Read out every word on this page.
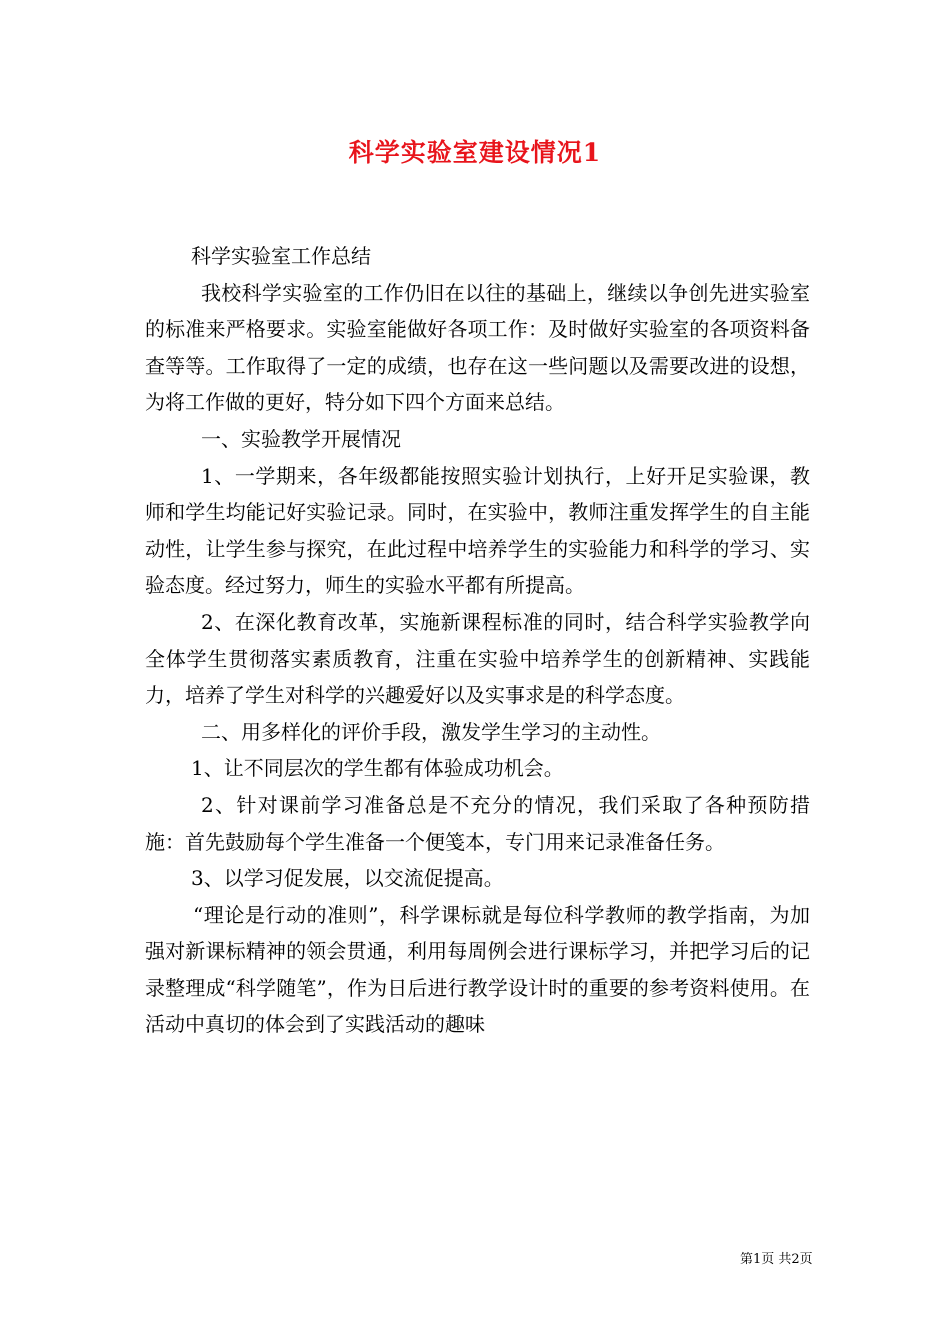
科学实验室建设情况1

科学实验室工作总结

我校科学实验室的工作仍旧在以往的基础上，继续以争创先进实验室的标准来严格要求。实验室能做好各项工作：及时做好实验室的各项资料备查等等。工作取得了一定的成绩，也存在这一些问题以及需要改进的设想，为将工作做的更好，特分如下四个方面来总结。

一、实验教学开展情况

1、一学期来，各年级都能按照实验计划执行，上好开足实验课，教师和学生均能记好实验记录。同时，在实验中，教师注重发挥学生的自主能动性，让学生参与探究，在此过程中培养学生的实验能力和科学的学习、实验态度。经过努力，师生的实验水平都有所提高。

2、在深化教育改革，实施新课程标准的同时，结合科学实验教学向全体学生贯彻落实素质教育，注重在实验中培养学生的创新精神、实践能力，培养了学生对科学的兴趣爱好以及实事求是的科学态度。

二、用多样化的评价手段，激发学生学习的主动性。

1、让不同层次的学生都有体验成功机会。

2、针对课前学习准备总是不充分的情况，我们采取了各种预防措施：首先鼓励每个学生准备一个便笺本，专门用来记录准备任务。

3、以学习促发展，以交流促提高。

“理论是行动的准则”，科学课标就是每位科学教师的教学指南，为加强对新课标精神的领会贯通，利用每周例会进行课标学习，并把学习后的记录整理成“科学随笔”，作为日后进行教学设计时的重要的参考资料使用。在活动中真切的体会到了实践活动的趣味

第1页 共2页
